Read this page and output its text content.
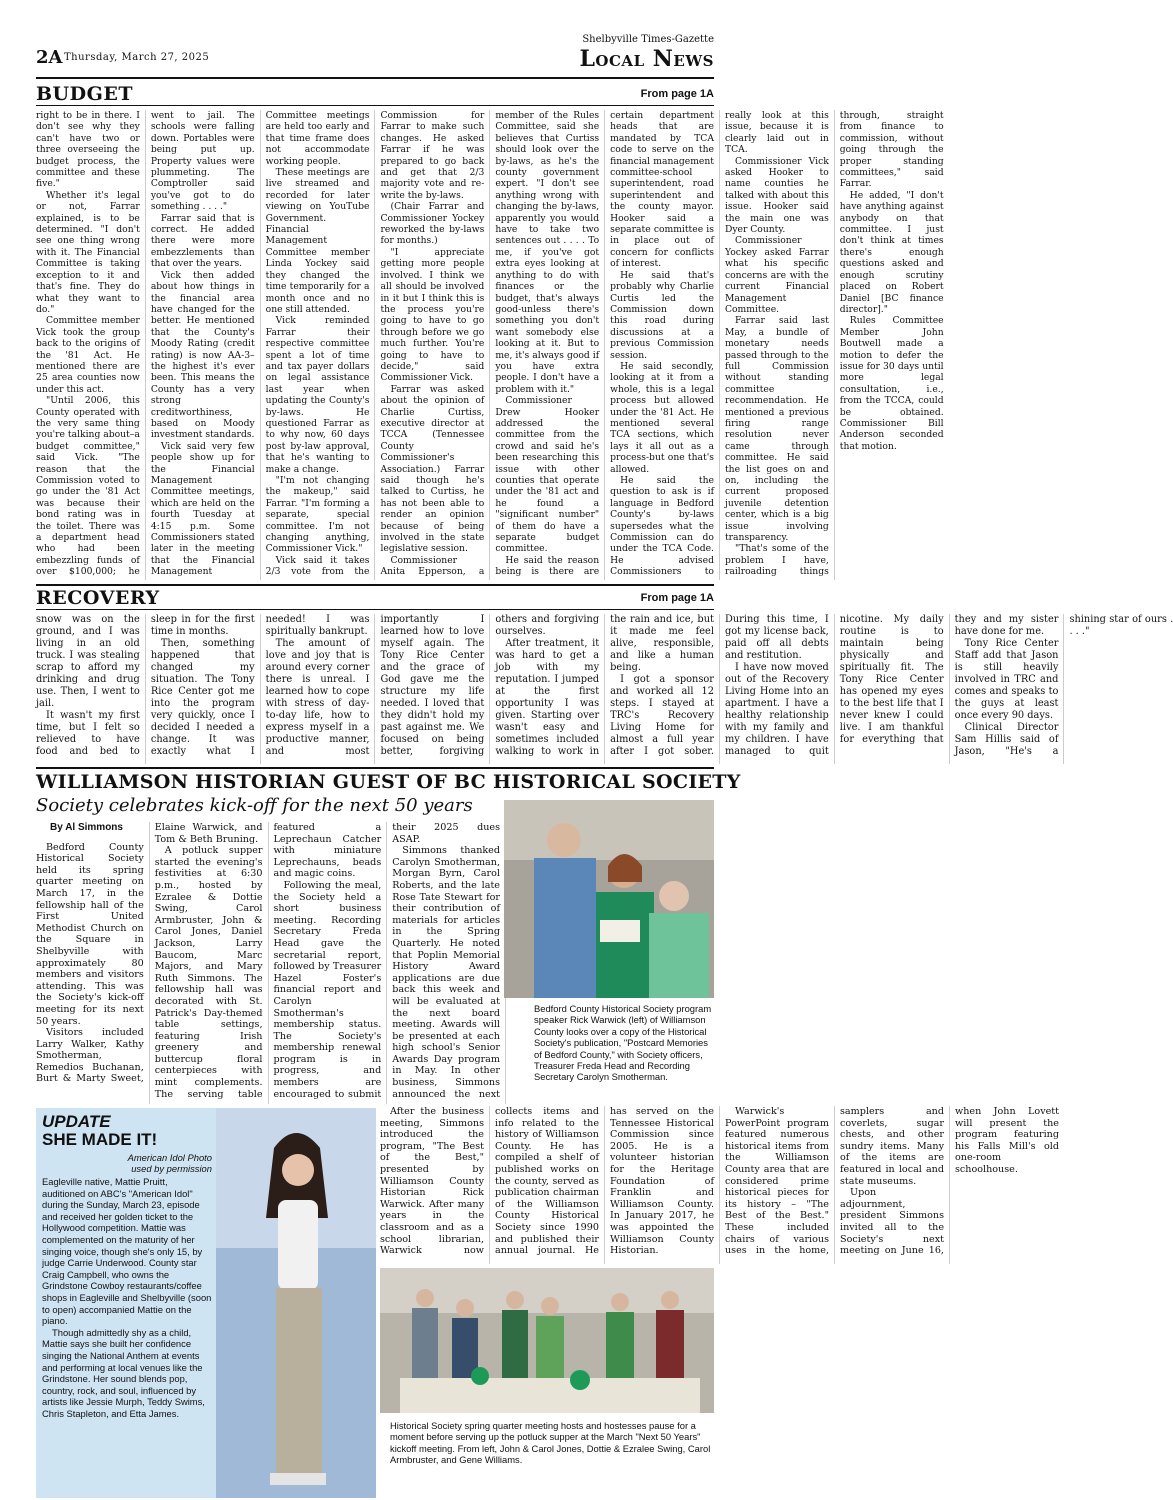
2A Thursday, March 27, 2025
Shelbyville Times-Gazette
Local News
BUDGET	From page 1A

right to be in there. I don't see why they can't have two or three overseeing the budget process, the committee and these five."

Whether it's legal or not, Farrar explained, is to be determined. "I don't see one thing wrong with it. The Financial Committee is taking exception to it and that's fine. They do what they want to do."

Committee member Vick took the group back to the origins of the '81 Act. He mentioned there are 25 area counties now under this act.

"Until 2006, this County operated with the very same thing you're talking about–a budget committee," said Vick. "The reason that the Commission voted to go under the '81 Act was because their bond rating was in the toilet. There was a department head who had been embezzling funds of over $100,000; he went to jail. The schools were falling down. Portables were being put up. Property values were plummeting. The Comptroller said you've got to do something . . . ."

Farrar said that is correct. He added there were more embezzlements than that over the years.

Vick then added about how things in the financial area have changed for the better. He mentioned that the County's Moody Rating (credit rating) is now AA-3–the highest it's ever been. This means the County has a very strong creditworthiness, based on Moody investment standards.

Vick said very few people show up for the Financial Management Committee meetings, which are held on the fourth Tuesday at 4:15 p.m. Some Commissioners stated later in the meeting that the Financial Management Committee meetings are held too early and that time frame does not accommodate working people.

These meetings are live streamed and recorded for later viewing on YouTube Government. Financial Management Committee member Linda Yockey said they changed the time temporarily for a month once and no one still attended.

Vick reminded Farrar their respective committee spent a lot of time and tax payer dollars on legal assistance last year when updating the County's by-laws. He questioned Farrar as to why now, 60 days post by-law approval, that he's wanting to make a change.

"I'm not changing the makeup," said Farrar. "I'm forming a separate, special committee. I'm not changing anything, Commissioner Vick."

Vick said it takes 2/3 vote from the Commission for Farrar to make such changes. He asked Farrar if he was prepared to go back and get that 2/3 majority vote and re-write the by-laws.

(Chair Farrar and Commissioner Yockey reworked the by-laws for months.)

"I appreciate getting more people involved. I think we all should be involved in it but I think this is the process you're going to have to go through before we go much further. You're going to have to decide," said Commissioner Vick.

Farrar was asked about the opinion of Charlie Curtiss, executive director at TCCA (Tennessee County Commissioner's Association.) Farrar said though he's talked to Curtiss, he has not been able to render an opinion because of being involved in the state legislative session.

Commissioner Anita Epperson, a member of the Rules Committee, said she believes that Curtiss should look over the by-laws, as he's the county government expert. "I don't see anything wrong with changing the by-laws, apparently you would have to take two sentences out . . . . To me, if you've got extra eyes looking at anything to do with finances or the budget, that's always good-unless there's something you don't want somebody else looking at it. But to me, it's always good if you have extra people. I don't have a problem with it."

Commissioner Drew Hooker addressed the committee from the crowd and said he's been researching this issue with other counties that operate under the '81 act and he found a "significant number" of them do have a separate budget committee.

He said the reason being is there are certain department heads that are mandated by TCA code to serve on the financial management committee-school superintendent, road superintendent and the county mayor. Hooker said a separate committee is in place out of concern for conflicts of interest.

He said that's probably why Charlie Curtis led the Commission down this road during discussions at a previous Commission session.

He said secondly, looking at it from a whole, this is a legal process but allowed under the '81 Act. He mentioned several TCA sections, which lays it all out as a process-but one that's allowed.

He said the question to ask is if language in Bedford County's by-laws supersedes what the Commission can do under the TCA Code. He advised Commissioners to really look at this issue, because it is clearly laid out in TCA.

Commissioner Vick asked Hooker to name counties he talked with about this issue. Hooker said the main one was Dyer County.

Commissioner Yockey asked Farrar what his specific concerns are with the current Financial Management Committee.

Farrar said last May, a bundle of monetary needs passed through to the full Commission without standing committee recommendation. He mentioned a previous firing range resolution never came through committee. He said the list goes on and on, including the current proposed juvenile detention center, which is a big issue involving transparency.

"That's some of the problem I have, railroading things through, straight from finance to commission, without going through the proper standing committees," said Farrar.

He added, "I don't have anything against anybody on that committee. I just don't think at times there's enough questions asked and enough scrutiny placed on Robert Daniel [BC finance director]."

Rules Committee Member John Boutwell made a motion to defer the issue for 30 days until more legal consultation, i.e., from the TCCA, could be obtained. Commissioner Bill Anderson seconded that motion.

RECOVERY	From page 1A

snow was on the ground, and I was living in an old truck. I was stealing scrap to afford my drinking and drug use. Then, I went to jail.

It wasn't my first time, but I felt so relieved to have food and bed to sleep in for the first time in months.

Then, something happened that changed my situation. The Tony Rice Center got me into the program very quickly, once I decided I needed a change. It was exactly what I needed! I was spiritually bankrupt.

The amount of love and joy that is around every corner there is unreal. I learned how to cope with stress of day-to-day life, how to express myself in a productive manner, and most importantly I learned how to love myself again. The Tony Rice Center and the grace of God gave me the structure my life needed. I loved that they didn't hold my past against me. We focused on being better, forgiving others and forgiving ourselves.

After treatment, it was hard to get a job with my reputation. I jumped at the first opportunity I was given. Starting over wasn't easy and sometimes included walking to work in the rain and ice, but it made me feel alive, responsible, and like a human being.

I got a sponsor and worked all 12 steps. I stayed at TRC's Recovery Living Home for almost a full year after I got sober. During this time, I got my license back, paid off all debts and restitution.

I have now moved out of the Recovery Living Home into an apartment. I have a healthy relationship with my family and my children. I have managed to quit nicotine. My daily routine is to maintain being physically and spiritually fit. The Tony Rice Center has opened my eyes to the best life that I never knew I could live. I am thankful for everything that they and my sister have done for me.

Tony Rice Center Staff add that Jason is still heavily involved in TRC and comes and speaks to the guys at least once every 90 days.

Clinical Director Sam Hillis said of Jason, "He's a shining star of ours . . . ."

WILLIAMSON HISTORIAN GUEST OF BC HISTORICAL SOCIETY
Society celebrates kick-off for the next 50 years
By Al Simmons

Bedford County Historical Society held its spring quarter meeting on March 17, in the fellowship hall of the First United Methodist Church on the Square in Shelbyville with approximately 80 members and visitors attending. This was the Society's kick-off meeting for its next 50 years.

Visitors included Larry Walker, Kathy Smotherman, Remedios Buchanan, Burt & Marty Sweet, Elaine Warwick, and Tom & Beth Bruning.

A potluck supper started the evening's festivities at 6:30 p.m., hosted by Ezralee & Dottie Swing, Carol Armbruster, John & Carol Jones, Daniel Jackson, Larry Baucom, Marc Majors, and Mary Ruth Simmons. The fellowship hall was decorated with St. Patrick's Day-themed table settings, featuring Irish greenery and buttercup floral centerpieces with mint complements. The serving table featured a Leprechaun Catcher with miniature Leprechauns, beads and magic coins.

Following the meal, the Society held a short business meeting. Recording Secretary Freda Head gave the secretarial report, followed by Treasurer Hazel Foster's financial report and Carolyn Smotherman's membership status. The Society's membership renewal program is in progress, and members are encouraged to submit their 2025 dues ASAP.

Simmons thanked Carolyn Smotherman, Morgan Byrn, Carol Roberts, and the late Rose Tate Stewart for their contribution of materials for articles in the Spring Quarterly. He noted that Poplin Memorial History Award applications are due back this week and will be evaluated at the next board meeting. Awards will be presented at each high school's Senior Awards Day program in May. In other business, Simmons announced the next

After the business meeting, Simmons introduced the program, "The Best of the Best," presented by Williamson County Historian Rick Warwick. After many years in the classroom and as a school librarian, Warwick now collects items and info related to the history of Williamson County. He has compiled a shelf of published works on the county, served as publication chairman of the Williamson County Historical Society since 1990 and published their annual journal. He has served on the Tennessee Historical Commission since 2005. He is a volunteer historian for the Heritage Foundation of Franklin and Williamson County. In January 2017, he was appointed the Williamson County Historian.

Warwick's PowerPoint program featured numerous historical items from the Williamson County area that are considered prime historical pieces for its history – "The Best of the Best." These included chairs of various uses in the home, samplers and coverlets, sugar chests, and other sundry items. Many of the items are featured in local and state museums.

Upon adjournment, president Simmons invited all to the Society's next meeting on June 16, when John Lovett will present the program featuring his Falls Mill's old one-room schoolhouse.

Bedford County Historical Society program speaker Rick Warwick (left) of Williamson County looks over a copy of the Historical Society's publication, "Postcard Memories of Bedford County," with Society officers, Treasurer Freda Head and Recording Secretary Carolyn Smotherman.
Historical Society spring quarter meeting hosts and hostesses pause for a moment before serving up the potluck supper at the March "Next 50 Years" kickoff meeting. From left, John & Carol Jones, Dottie & Ezralee Swing, Carol Armbruster, and Gene Williams.
UPDATE
SHE MADE IT!
American Idol Photo used by permission

Eagleville native, Mattie Pruitt, auditioned on ABC's "American Idol" during the Sunday, March 23, episode and received her golden ticket to the Hollywood competition. Mattie was complemented on the maturity of her singing voice, though she's only 15, by judge Carrie Underwood. County star Craig Campbell, who owns the Grindstone Cowboy restaurants/coffee shops in Eagleville and Shelbyville (soon to open) accompanied Mattie on the piano.

Though admittedly shy as a child, Mattie says she built her confidence singing the National Anthem at events and performing at local venues like the Grindstone. Her sound blends pop, country, rock, and soul, influenced by artists like Jessie Murph, Teddy Swims, Chris Stapleton, and Etta James.
